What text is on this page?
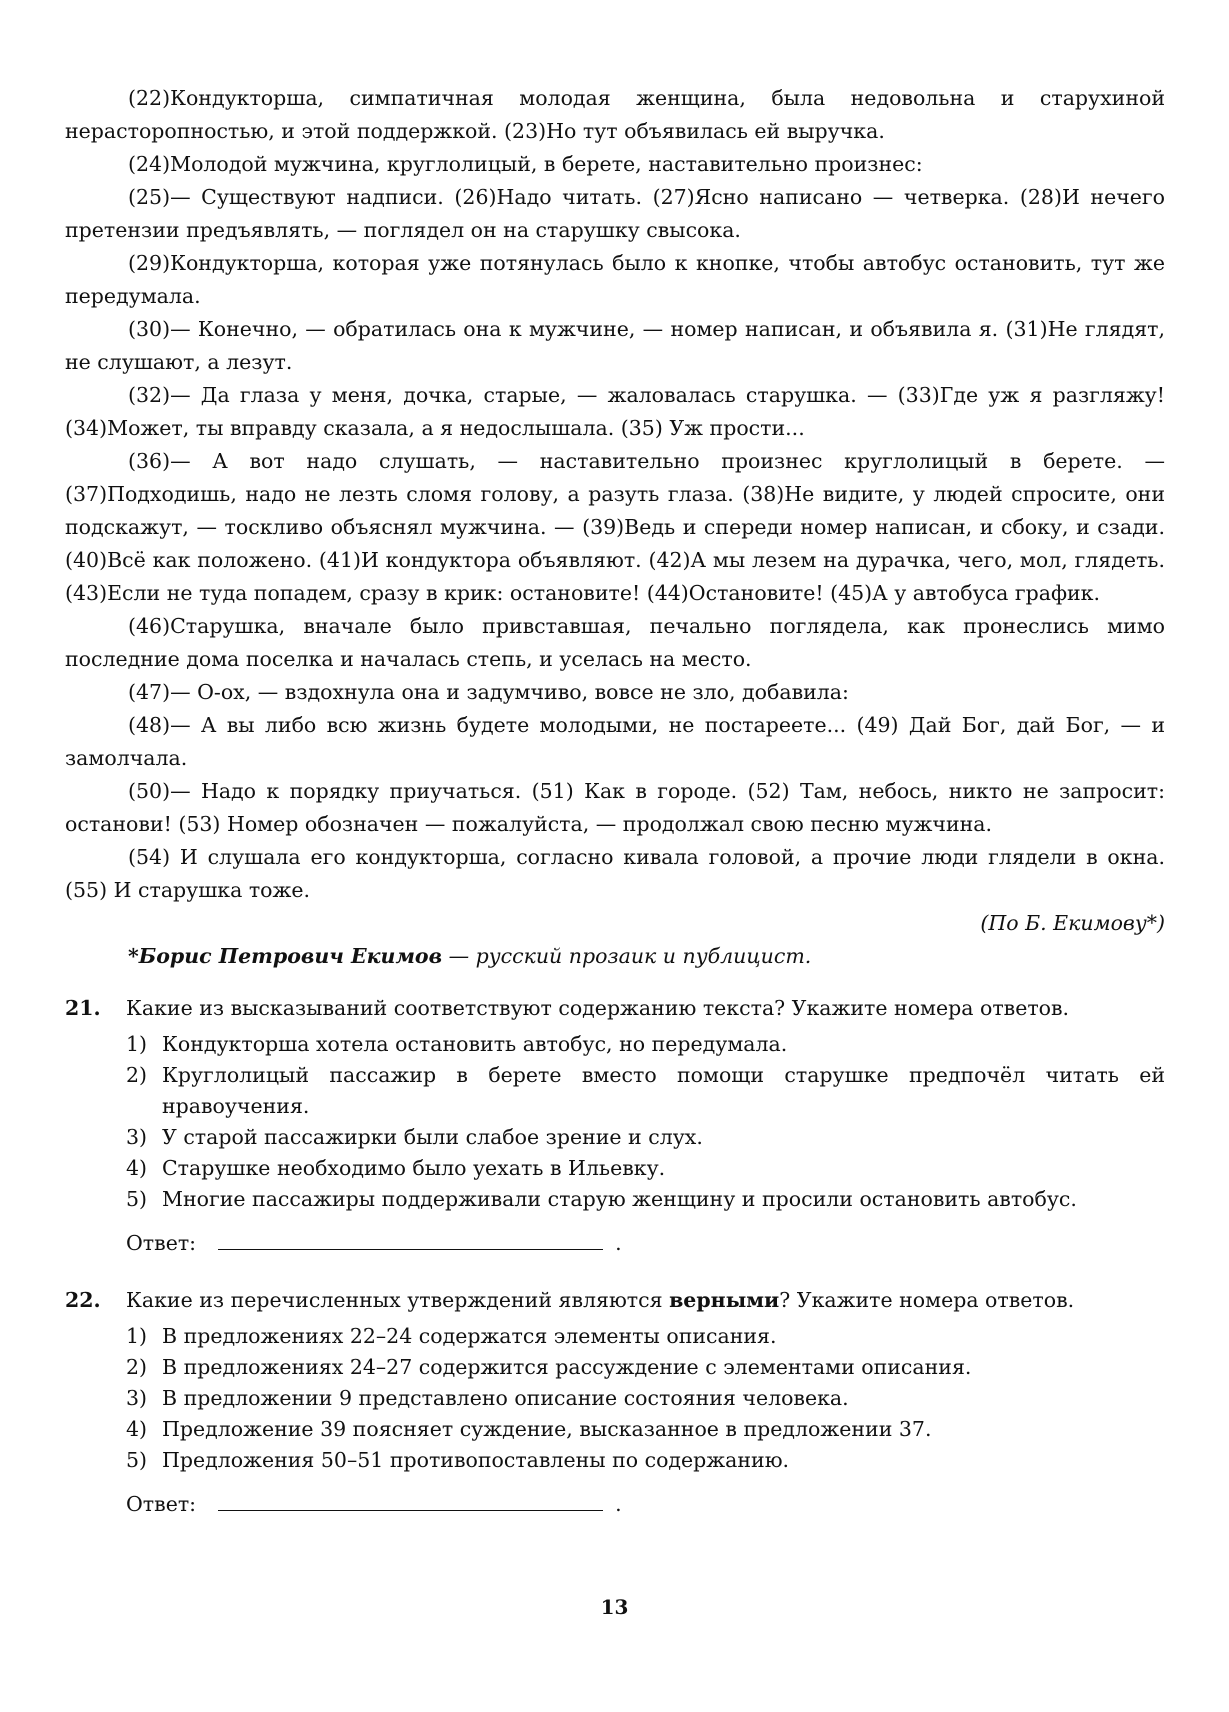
(22)Кондукторша, симпатичная молодая женщина, была недовольна и старухиной нерасторопностью, и этой поддержкой. (23)Но тут объявилась ей выручка.

(24)Молодой мужчина, круглолицый, в берете, наставительно произнес:

(25)— Существуют надписи. (26)Надо читать. (27)Ясно написано — четверка. (28)И нечего претензии предъявлять, — поглядел он на старушку свысока.

(29)Кондукторша, которая уже потянулась было к кнопке, чтобы автобус остановить, тут же передумала.

(30)— Конечно, — обратилась она к мужчине, — номер написан, и объявила я. (31)Не глядят, не слушают, а лезут.

(32)— Да глаза у меня, дочка, старые, — жаловалась старушка. — (33)Где уж я разгляжу! (34)Может, ты вправду сказала, а я недослышала. (35) Уж прости...

(36)— А вот надо слушать, — наставительно произнес круглолицый в берете. — (37)Подходишь, надо не лезть сломя голову, а разуть глаза. (38)Не видите, у людей спросите, они подскажут, — тоскливо объяснял мужчина. — (39)Ведь и спереди номер написан, и сбоку, и сзади. (40)Всё как положено. (41)И кондуктора объявляют. (42)А мы лезем на дурачка, чего, мол, глядеть. (43)Если не туда попадем, сразу в крик: остановите! (44)Остановите! (45)А у автобуса график.

(46)Старушка, вначале было привставшая, печально поглядела, как пронеслись мимо последние дома поселка и началась степь, и уселась на место.

(47)— О-ох, — вздохнула она и задумчиво, вовсе не зло, добавила:

(48)— А вы либо всю жизнь будете молодыми, не постареете... (49) Дай Бог, дай Бог, — и замолчала.

(50)— Надо к порядку приучаться. (51) Как в городе. (52) Там, небось, никто не запросит: останови! (53) Номер обозначен — пожалуйста, — продолжал свою песню мужчина.

(54) И слушала его кондукторша, согласно кивала головой, а прочие люди глядели в окна. (55) И старушка тоже.

(По Б. Екимову*)

*Борис Петрович Екимов — русский прозаик и публицист.

21.	Какие из высказываний соответствуют содержанию текста? Укажите номера ответов.
1) Кондукторша хотела остановить автобус, но передумала.
2) Круглолицый пассажир в берете вместо помощи старушке предпочёл читать ей нравоучения.
3) У старой пассажирки были слабое зрение и слух.
4) Старушке необходимо было уехать в Ильевку.
5) Многие пассажиры поддерживали старую женщину и просили остановить автобус.
Ответ:	.
22.	Какие из перечисленных утверждений являются верными? Укажите номера ответов.
1) В предложениях 22–24 содержатся элементы описания.
2) В предложениях 24–27 содержится рассуждение с элементами описания.
3) В предложении 9 представлено описание состояния человека.
4) Предложение 39 поясняет суждение, высказанное в предложении 37.
5) Предложения 50–51 противопоставлены по содержанию.
Ответ:	.
13
